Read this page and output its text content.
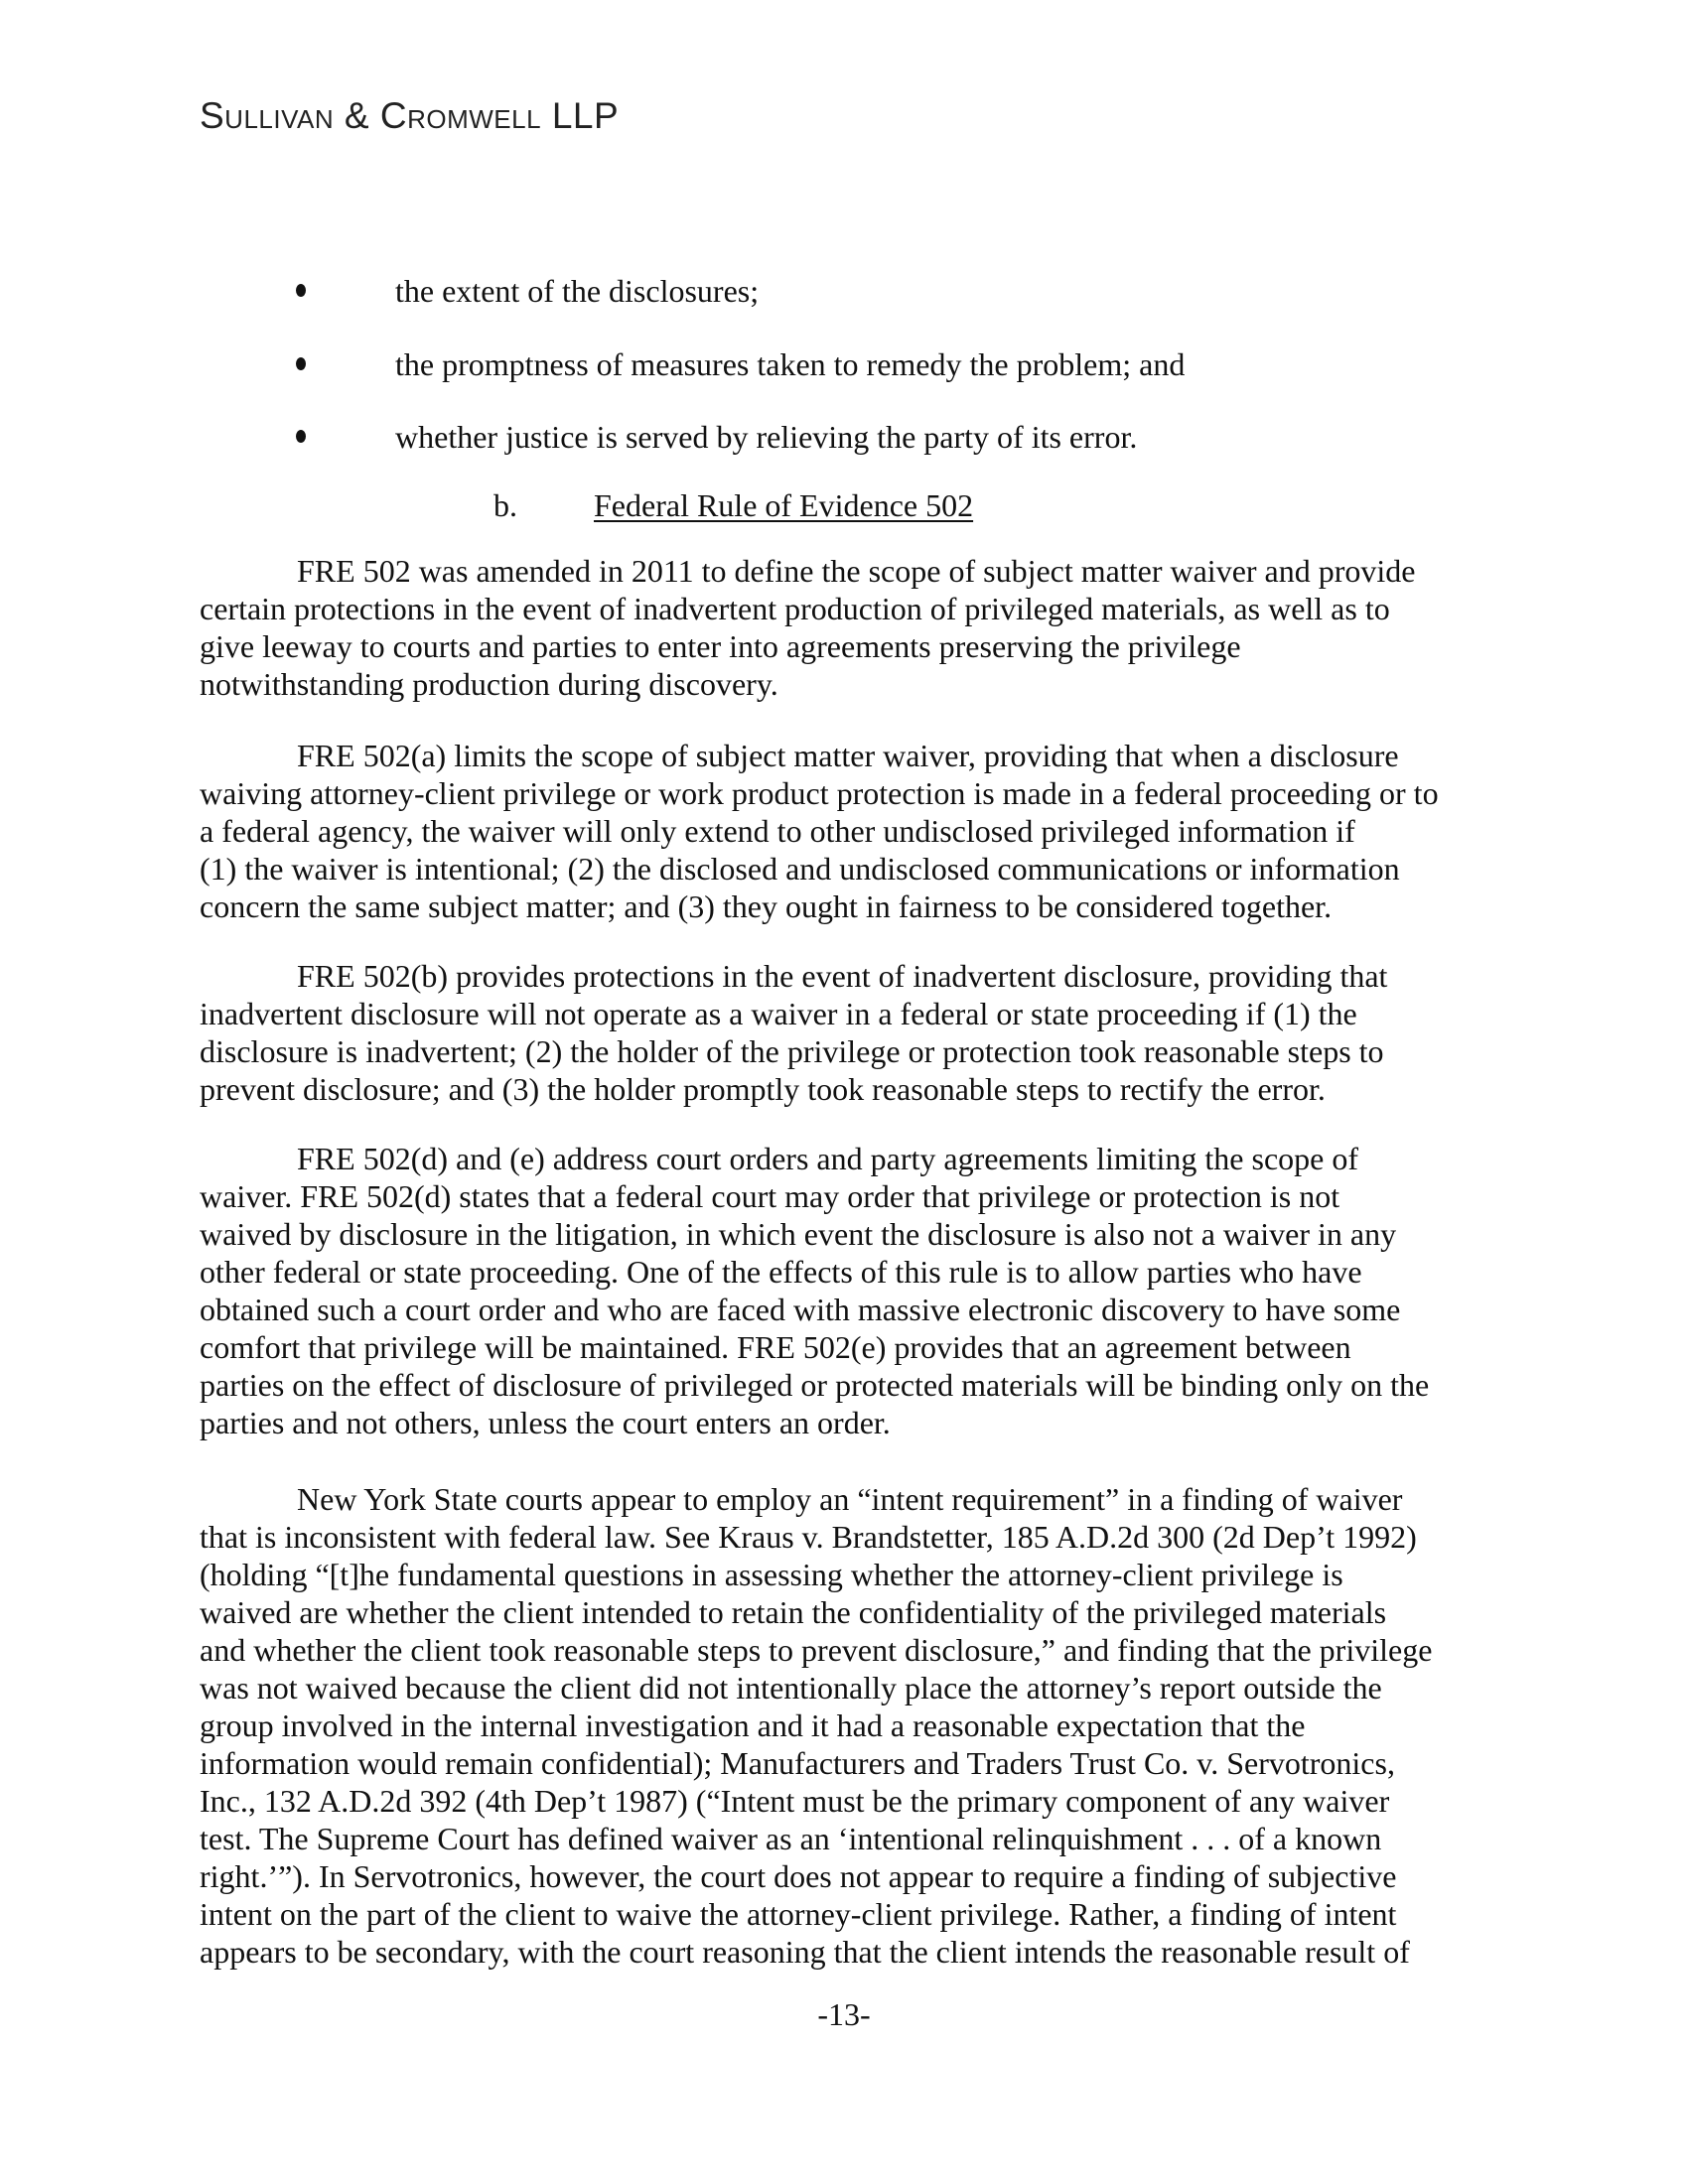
Sullivan & Cromwell LLP
the extent of the disclosures;
the promptness of measures taken to remedy the problem; and
whether justice is served by relieving the party of its error.
b. Federal Rule of Evidence 502
FRE 502 was amended in 2011 to define the scope of subject matter waiver and provide
certain protections in the event of inadvertent production of privileged materials, as well as to
give leeway to courts and parties to enter into agreements preserving the privilege
notwithstanding production during discovery.
FRE 502(a) limits the scope of subject matter waiver, providing that when a disclosure
waiving attorney-client privilege or work product protection is made in a federal proceeding or to
a federal agency, the waiver will only extend to other undisclosed privileged information if
(1) the waiver is intentional; (2) the disclosed and undisclosed communications or information
concern the same subject matter; and (3) they ought in fairness to be considered together.
FRE 502(b) provides protections in the event of inadvertent disclosure, providing that
inadvertent disclosure will not operate as a waiver in a federal or state proceeding if (1) the
disclosure is inadvertent; (2) the holder of the privilege or protection took reasonable steps to
prevent disclosure; and (3) the holder promptly took reasonable steps to rectify the error.
FRE 502(d) and (e) address court orders and party agreements limiting the scope of
waiver. FRE 502(d) states that a federal court may order that privilege or protection is not
waived by disclosure in the litigation, in which event the disclosure is also not a waiver in any
other federal or state proceeding. One of the effects of this rule is to allow parties who have
obtained such a court order and who are faced with massive electronic discovery to have some
comfort that privilege will be maintained. FRE 502(e) provides that an agreement between
parties on the effect of disclosure of privileged or protected materials will be binding only on the
parties and not others, unless the court enters an order.
New York State courts appear to employ an “intent requirement” in a finding of waiver
that is inconsistent with federal law. See Kraus v. Brandstetter, 185 A.D.2d 300 (2d Dep’t 1992)
(holding “[t]he fundamental questions in assessing whether the attorney-client privilege is
waived are whether the client intended to retain the confidentiality of the privileged materials
and whether the client took reasonable steps to prevent disclosure,” and finding that the privilege
was not waived because the client did not intentionally place the attorney’s report outside the
group involved in the internal investigation and it had a reasonable expectation that the
information would remain confidential); Manufacturers and Traders Trust Co. v. Servotronics,
Inc., 132 A.D.2d 392 (4th Dep’t 1987) (“Intent must be the primary component of any waiver
test. The Supreme Court has defined waiver as an ‘intentional relinquishment . . . of a known
right.’”). In Servotronics, however, the court does not appear to require a finding of subjective
intent on the part of the client to waive the attorney-client privilege. Rather, a finding of intent
appears to be secondary, with the court reasoning that the client intends the reasonable result of
-13-
